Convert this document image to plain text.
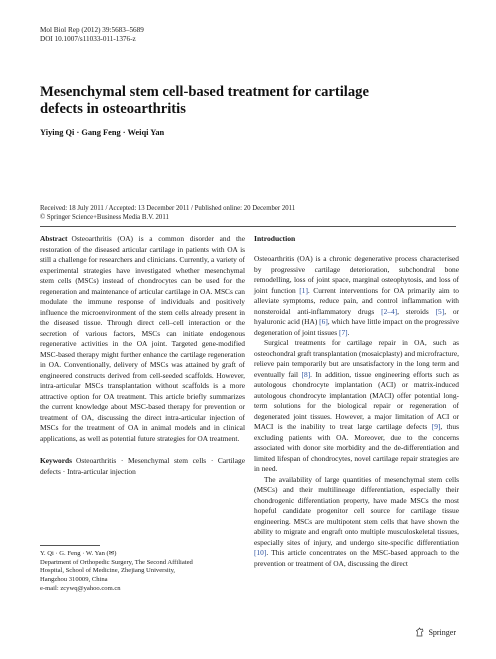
Mol Biol Rep (2012) 39:5683–5689
DOI 10.1007/s11033-011-1376-z
Mesenchymal stem cell-based treatment for cartilage defects in osteoarthritis
Yiying Qi · Gang Feng · Weiqi Yan
Received: 18 July 2011 / Accepted: 13 December 2011 / Published online: 20 December 2011
© Springer Science+Business Media B.V. 2011

Abstract Osteoarthritis (OA) is a common disorder and the restoration of the diseased articular cartilage in patients with OA is still a challenge for researchers and clinicians. Currently, a variety of experimental strategies have investigated whether mesenchymal stem cells (MSCs) instead of chondrocytes can be used for the regeneration and maintenance of articular cartilage in OA. MSCs can modulate the immune response of individuals and positively influence the microenvironment of the stem cells already present in the diseased tissue. Through direct cell–cell interaction or the secretion of various factors, MSCs can initiate endogenous regenerative activities in the OA joint. Targeted gene-modified MSC-based therapy might further enhance the cartilage regeneration in OA. Conventionally, delivery of MSCs was attained by graft of engineered constructs derived from cell-seeded scaffolds. However, intra-articular MSCs transplantation without scaffolds is a more attractive option for OA treatment. This article briefly summarizes the current knowledge about MSC-based therapy for prevention or treatment of OA, discussing the direct intra-articular injection of MSCs for the treatment of OA in animal models and in clinical applications, as well as potential future strategies for OA treatment.

Keywords Osteoarthritis · Mesenchymal stem cells · Cartilage defects · Intra-articular injection

Y. Qi · G. Feng · W. Yan (✉)
Department of Orthopedic Surgery, The Second Affiliated
Hospital, School of Medicine, Zhejiang University,
Hangzhou 310009, China
e-mail: zcywq@yahoo.com.cn
Introduction

Osteoarthritis (OA) is a chronic degenerative process characterised by progressive cartilage deterioration, subchondral bone remodelling, loss of joint space, marginal osteophytosis, and loss of joint function [1]. Current interventions for OA primarily aim to alleviate symptoms, reduce pain, and control inflammation with nonsteroidal anti-inflammatory drugs [2–4], steroids [5], or hyaluronic acid (HA) [6], which have little impact on the progressive degeneration of joint tissues [7].

Surgical treatments for cartilage repair in OA, such as osteochondral graft transplantation (mosaicplasty) and microfracture, relieve pain temporarily but are unsatisfactory in the long term and eventually fail [8]. In addition, tissue engineering efforts such as autologous chondrocyte implantation (ACI) or matrix-induced autologous chondrocyte implantation (MACI) offer potential long-term solutions for the biological repair or regeneration of degenerated joint tissues. However, a major limitation of ACI or MACI is the inability to treat large cartilage defects [9], thus excluding patients with OA. Moreover, due to the concerns associated with donor site morbidity and the de-differentiation and limited lifespan of chondrocytes, novel cartilage repair strategies are in need.

The availability of large quantities of mesenchymal stem cells (MSCs) and their multilineage differentiation, especially their chondrogenic differentiation property, have made MSCs the most hopeful candidate progenitor cell source for cartilage tissue engineering. MSCs are multipotent stem cells that have shown the ability to migrate and engraft onto multiple musculoskeletal tissues, especially sites of injury, and undergo site-specific differentiation [10]. This article concentrates on the MSC-based approach to the prevention or treatment of OA, discussing the direct

Springer
